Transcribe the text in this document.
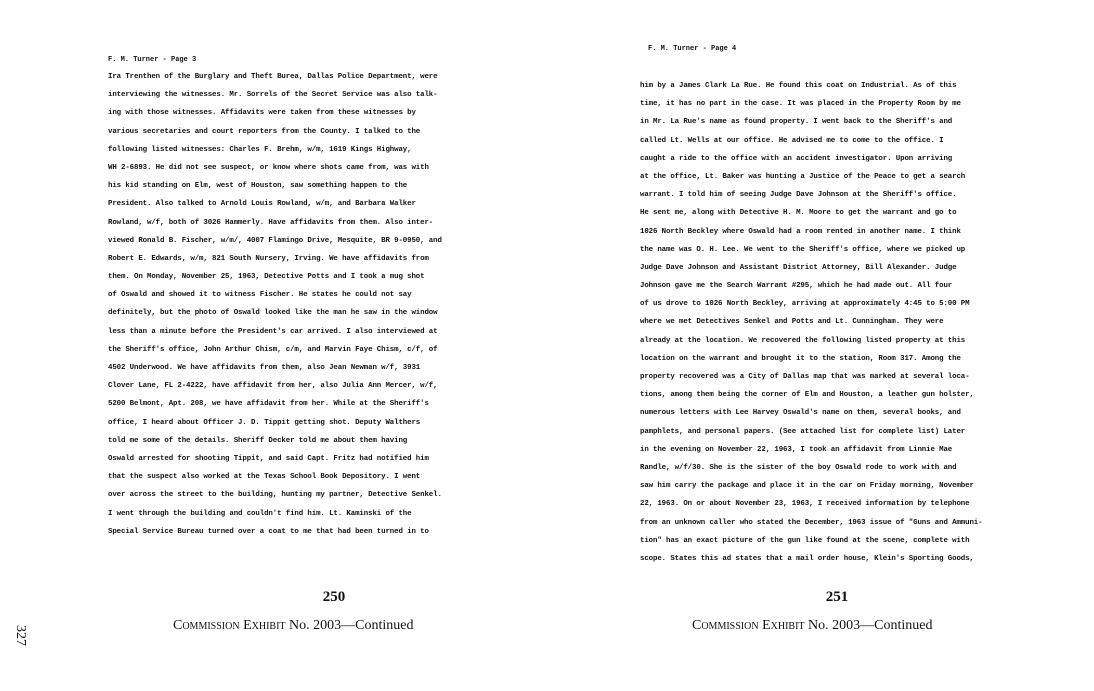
327
F. M. Turner - Page 3
Ira Trenthen of the Burglary and Theft Burea, Dallas Police Department, were
interviewing the witnesses. Mr. Sorrels of the Secret Service was also talk-
ing with those witnesses. Affidavits were taken from these witnesses by
various secretaries and court reporters from the County. I talked to the
following listed witnesses: Charles F. Brehm, w/m, 1619 Kings Highway,
WH 2-6893. He did not see suspect, or know where shots came from, was with
his kid standing on Elm, west of Houston, saw something happen to the
President. Also talked to Arnold Louis Rowland, w/m, and Barbara Walker
Rowland, w/f, both of 3026 Hammerly. Have affidavits from them. Also inter-
viewed Ronald B. Fischer, w/m/, 4007 Flamingo Drive, Mesquite, BR 9-0950, and
Robert E. Edwards, w/m, 821 South Nursery, Irving. We have affidavits from
them. On Monday, November 25, 1963, Detective Potts and I took a mug shot
of Oswald and showed it to witness Fischer. He states he could not say
definitely, but the photo of Oswald looked like the man he saw in the window
less than a minute before the President's car arrived. I also interviewed at
the Sheriff's office, John Arthur Chism, c/m, and Marvin Faye Chism, c/f, of
4502 Underwood. We have affidavits from them, also Jean Newman w/f, 3931
Clover Lane, FL 2-4222, have affidavit from her, also Julia Ann Mercer, w/f,
5200 Belmont, Apt. 208, we have affidavit from her. While at the Sheriff's
office, I heard about Officer J. D. Tippit getting shot. Deputy Walthers
told me some of the details. Sheriff Decker told me about them having
Oswald arrested for shooting Tippit, and said Capt. Fritz had notified him
that the suspect also worked at the Texas School Book Depository. I went
over across the street to the building, hunting my partner, Detective Senkel.
I went through the building and couldn't find him. Lt. Kaminski of the
Special Service Bureau turned over a coat to me that had been turned in to
250
Commission Exhibit No. 2003—Continued
F. M. Turner - Page 4
him by a James Clark La Rue. He found this coat on Industrial. As of this
time, it has no part in the case. It was placed in the Property Room by me
in Mr. La Rue's name as found property. I went back to the Sheriff's and
called Lt. Wells at our office. He advised me to come to the office. I
caught a ride to the office with an accident investigator. Upon arriving
at the office, Lt. Baker was hunting a Justice of the Peace to get a search
warrant. I told him of seeing Judge Dave Johnson at the Sheriff's office.
He sent me, along with Detective H. M. Moore to get the warrant and go to
1026 North Beckley where Oswald had a room rented in another name. I think
the name was O. H. Lee. We went to the Sheriff's office, where we picked up
Judge Dave Johnson and Assistant District Attorney, Bill Alexander. Judge
Johnson gave me the Search Warrant #295, which he had made out. All four
of us drove to 1026 North Beckley, arriving at approximately 4:45 to 5:00 PM
where we met Detectives Senkel and Potts and Lt. Cunningham. They were
already at the location. We recovered the following listed property at this
location on the warrant and brought it to the station, Room 317. Among the
property recovered was a City of Dallas map that was marked at several loca-
tions, among them being the corner of Elm and Houston, a leather gun holster,
numerous letters with Lee Harvey Oswald's name on them, several books, and
pamphlets, and personal papers. (See attached list for complete list) Later
in the evening on November 22, 1963, I took an affidavit from Linnie Mae
Randle, w/f/30. She is the sister of the boy Oswald rode to work with and
saw him carry the package and place it in the car on Friday morning, November
22, 1963. On or about November 23, 1963, I received information by telephone
from an unknown caller who stated the December, 1963 issue of "Guns and Ammuni-
tion" has an exact picture of the gun like found at the scene, complete with
scope. States this ad states that a mail order house, Klein's Sporting Goods,
251
Commission Exhibit No. 2003—Continued
